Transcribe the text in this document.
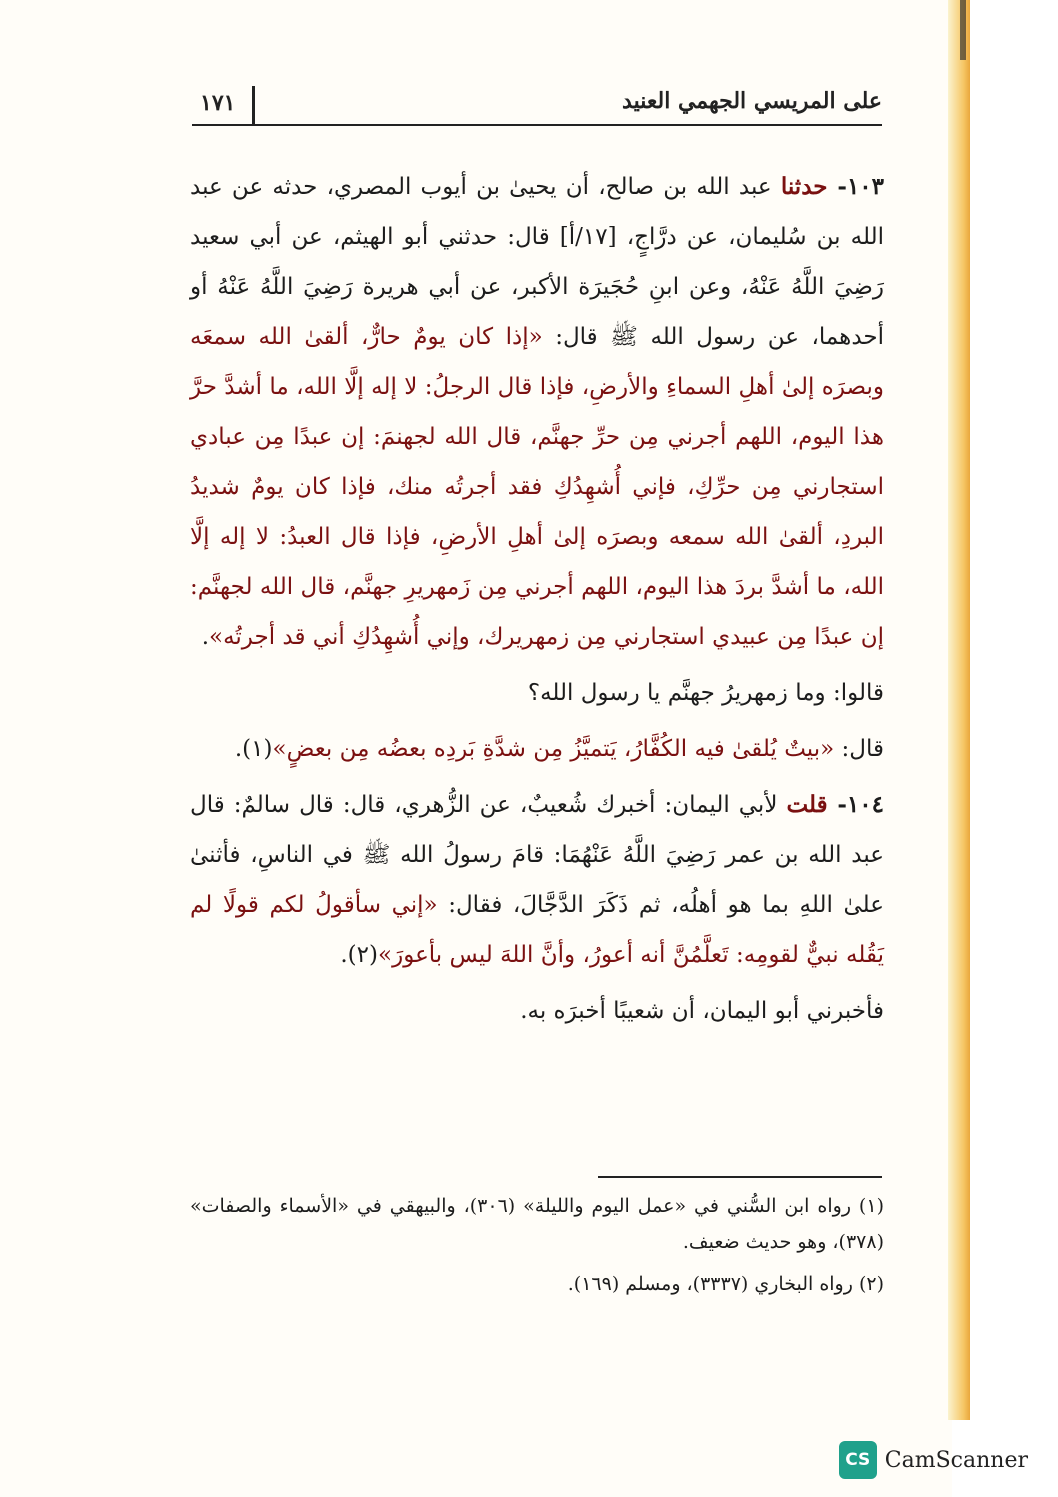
على المريسي الجهمي العنيد
١٧١

١٠٣- حدثنا عبد الله بن صالح، أن يحيىٰ بن أيوب المصري، حدثه عن عبد الله بن سُليمان، عن درَّاجٍ، [١٧/أ] قال: حدثني أبو الهيثم، عن أبي سعيد رَضِيَ اللَّهُ عَنْهُ، وعن ابنِ حُجَيرَة الأكبر، عن أبي هريرة رَضِيَ اللَّهُ عَنْهُ أو أحدهما، عن رسول الله ﷺ قال: «إذا كان يومٌ حارٌّ، ألقىٰ الله سمعَه وبصرَه إلىٰ أهلِ السماءِ والأرضِ، فإذا قال الرجلُ: لا إله إلَّا الله، ما أشدَّ حرَّ هذا اليوم، اللهم أجرني مِن حرِّ جهنَّم، قال الله لجهنمَ: إن عبدًا مِن عبادي استجارني مِن حرِّكِ، فإني أُشهِدُكِ فقد أجرتُه منك، فإذا كان يومٌ شديدُ البردِ، ألقىٰ الله سمعه وبصرَه إلىٰ أهلِ الأرضِ، فإذا قال العبدُ: لا إله إلَّا الله، ما أشدَّ بردَ هذا اليوم، اللهم أجرني مِن زَمهريرِ جهنَّم، قال الله لجهنَّم: إن عبدًا مِن عبيدي استجارني مِن زمهريرك، وإني أُشهِدُكِ أني قد أجرتُه».

قالوا: وما زمهريرُ جهنَّم يا رسول الله؟

قال: «بيتٌ يُلقىٰ فيه الكُفَّارُ، يَتميَّزُ مِن شدَّةِ بَردِه بعضُه مِن بعضٍ»(١).

١٠٤- قلت لأبي اليمان: أخبرك شُعيبٌ، عن الزُّهري، قال: قال سالمٌ: قال عبد الله بن عمر رَضِيَ اللَّهُ عَنْهُمَا: قامَ رسولُ الله ﷺ في الناسِ، فأثنىٰ علىٰ اللهِ بما هو أهلُه، ثم ذَكَرَ الدَّجَّالَ، فقال: «إني سأقولُ لكم قولًا لم يَقُله نبيٌّ لقومِه: تَعلَّمُنَّ أنه أعورُ، وأنَّ اللهَ ليس بأعورَ»(٢).

فأخبرني أبو اليمان، أن شعيبًا أخبرَه به.

(١) رواه ابن السُّني في «عمل اليوم والليلة» (٣٠٦)، والبيهقي في «الأسماء والصفات» (٣٧٨)، وهو حديث ضعيف.

(٢) رواه البخاري (٣٣٣٧)، ومسلم (١٦٩).

CS CamScanner
